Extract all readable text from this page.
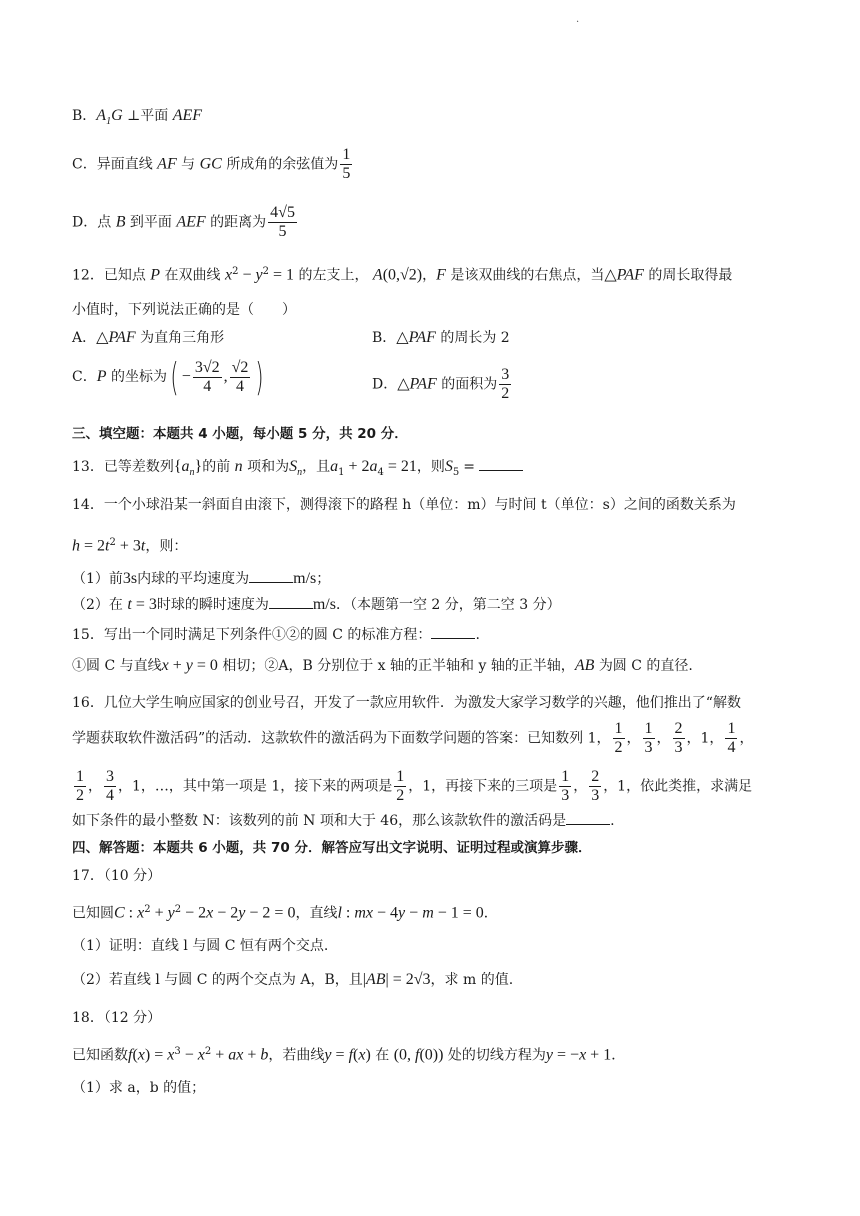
.
B．$A_1G$ ⊥平面 AEF
C．异面直线 AF 与 GC 所成角的余弦值为 $\frac{1}{5}$
D．点 B 到平面 AEF 的距离为 $\frac{4√5}{5}$
12．已知点 P 在双曲线 $x^2 - y^2 = 1$ 的左支上， A(0,√2)，F 是该双曲线的右焦点，当△PAF 的周长取得最
小值时，下列说法正确的是（　　）
A．△PAF 为直角三角形	B．△PAF 的周长为 2
C．P 的坐标为( − $\frac{3√2}{4}$ , $\frac{√2}{4}$ )	D．△PAF 的面积为 $\frac{3}{2}$
三、填空题：本题共 4 小题，每小题 5 分，共 20 分．
13．已等差数列$\{a_n\}$的前 n 项和为$S_n$，且$a_1 + 2a_4 = 21$，则$S_5$ =
14．一个小球沿某一斜面自由滚下，测得滚下的路程 h（单位：m）与时间 t（单位：s）之间的函数关系为
$h = 2t^2 + 3t$，则：
（1）前3s内球的平均速度为	m/s；
（2）在 t = 3时球的瞬时速度为	m/s．（本题第一空 2 分，第二空 3 分）
15．写出一个同时满足下列条件①②的圆 C 的标准方程：	.
①圆 C 与直线x + y = 0 相切；②A，B 分别位于 x 轴的正半轴和 y 轴的正半轴，AB 为圆 C 的直径.
16．几位大学生响应国家的创业号召，开发了一款应用软件．为激发大家学习数学的兴趣，他们推出了“解数
学题获取软件激活码”的活动．这款软件的激活码为下面数学问题的答案：已知数列 1， $\frac{1}{2}$ ， $\frac{1}{3}$ ， $\frac{2}{3}$ ，1， $\frac{1}{4}$ ，
$\frac{1}{2}$ ， $\frac{3}{4}$ ，1，…，其中第一项是 1，接下来的两项是 $\frac{1}{2}$ ，1，再接下来的三项是 $\frac{1}{3}$ ， $\frac{2}{3}$ ，1，依此类推，求满足
如下条件的最小整数 N：该数列的前 N 项和大于 46，那么该款软件的激活码是	.
四、解答题：本题共 6 小题，共 70 分．解答应写出文字说明、证明过程或演算步骤．
17．（10 分）
已知圆C : $x^2 + y^2 - 2x - 2y - 2 = 0$，直线l : mx − 4y − m − 1 = 0．
（1）证明：直线 l 与圆 C 恒有两个交点.
（2）若直线 l 与圆 C 的两个交点为 A，B，且|AB| = 2√3，求 m 的值.
18．（12 分）
已知函数$f(x) = x^3 - x^2$ + ax + b，若曲线y = f(x) 在 (0, f(0)) 处的切线方程为y = −x + 1．
（1）求 a，b 的值；
